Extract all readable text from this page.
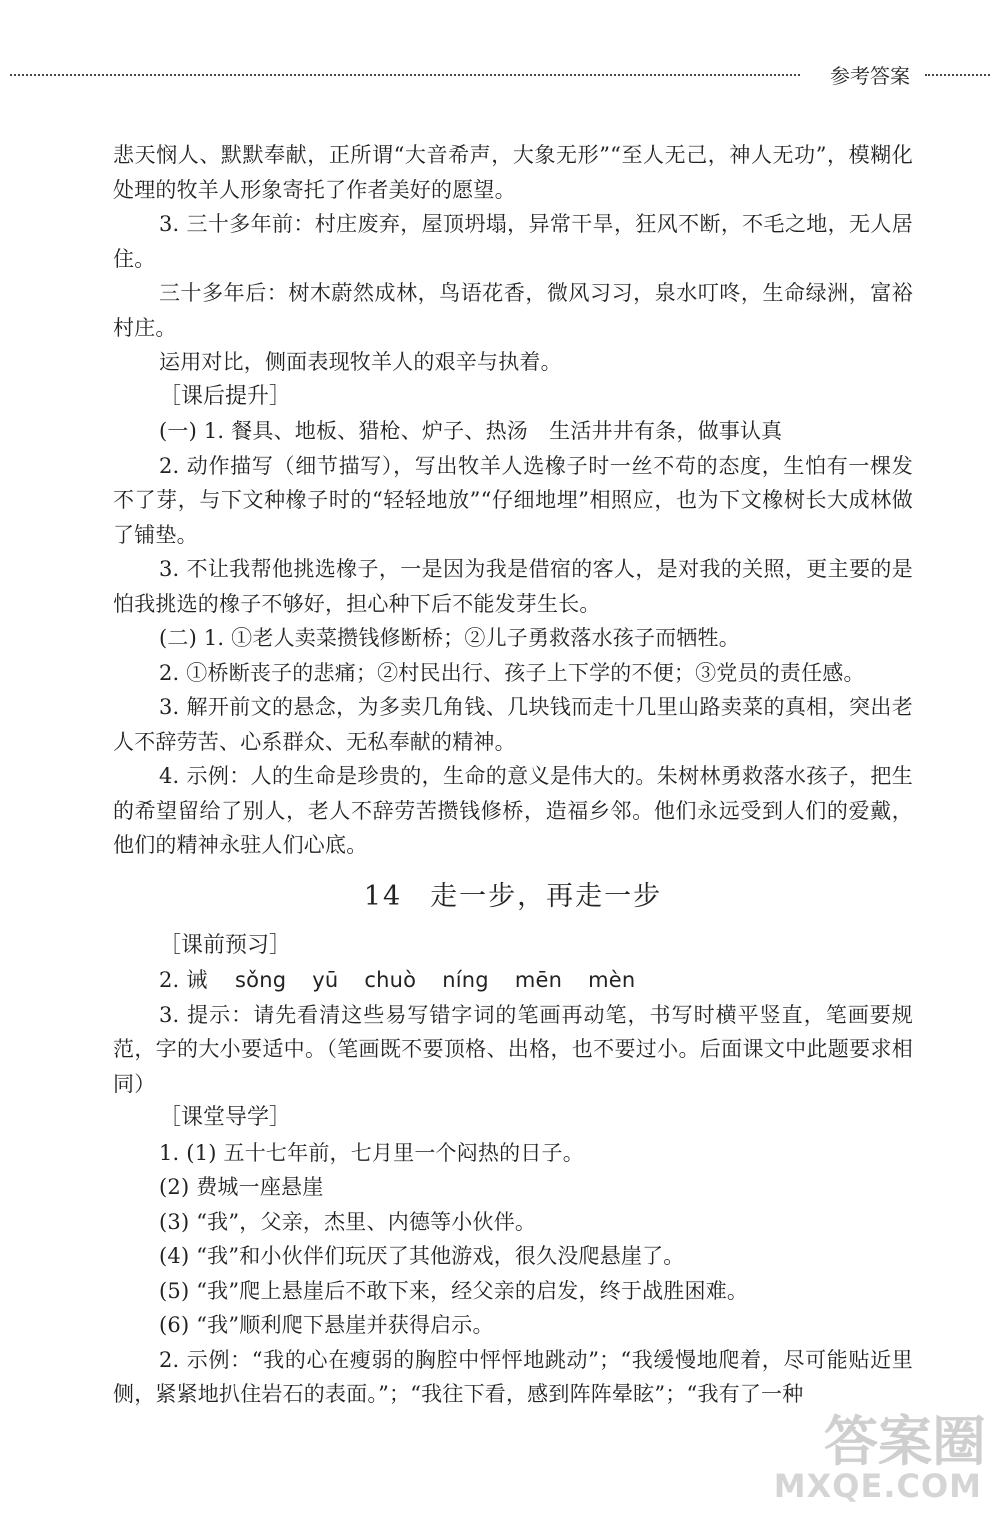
参考答案

悲天悯人、默默奉献，正所谓“大音希声，大象无形”“至人无己，神人无功”，模糊化处理的牧羊人形象寄托了作者美好的愿望。

3. 三十多年前：村庄废弃，屋顶坍塌，异常干旱，狂风不断，不毛之地，无人居住。

三十多年后：树木蔚然成林，鸟语花香，微风习习，泉水叮咚，生命绿洲，富裕村庄。

运用对比，侧面表现牧羊人的艰辛与执着。

［课后提升］

(一) 1. 餐具、地板、猎枪、炉子、热汤　生活井井有条，做事认真

2. 动作描写（细节描写），写出牧羊人选橡子时一丝不苟的态度，生怕有一棵发不了芽，与下文种橡子时的“轻轻地放”“仔细地埋”相照应，也为下文橡树长大成林做了铺垫。

3. 不让我帮他挑选橡子，一是因为我是借宿的客人，是对我的关照，更主要的是怕我挑选的橡子不够好，担心种下后不能发芽生长。

(二) 1. ①老人卖菜攒钱修断桥；②儿子勇救落水孩子而牺牲。

2. ①桥断丧子的悲痛；②村民出行、孩子上下学的不便；③党员的责任感。

3. 解开前文的悬念，为多卖几角钱、几块钱而走十几里山路卖菜的真相，突出老人不辞劳苦、心系群众、无私奉献的精神。

4. 示例：人的生命是珍贵的，生命的意义是伟大的。朱树林勇救落水孩子，把生的希望留给了别人，老人不辞劳苦攒钱修桥，造福乡邻。他们永远受到人们的爱戴，他们的精神永驻人们心底。

14 走一步，再走一步

［课前预习］

2. 诫 sǒng yū chuò níng mēn mèn

3. 提示：请先看清这些易写错字词的笔画再动笔，书写时横平竖直，笔画要规范，字的大小要适中。（笔画既不要顶格、出格，也不要过小。后面课文中此题要求相同）

［课堂导学］

1. (1) 五十七年前，七月里一个闷热的日子。

(2) 费城一座悬崖

(3) “我”，父亲，杰里、内德等小伙伴。

(4) “我”和小伙伴们玩厌了其他游戏，很久没爬悬崖了。

(5) “我”爬上悬崖后不敢下来，经父亲的启发，终于战胜困难。

(6) “我”顺利爬下悬崖并获得启示。

2. 示例：“我的心在瘦弱的胸腔中怦怦地跳动”；“我缓慢地爬着，尽可能贴近里侧，紧紧地扒住岩石的表面。”；“我往下看，感到阵阵晕眩”；“我有了一种

答案圈
MXQE.COM
